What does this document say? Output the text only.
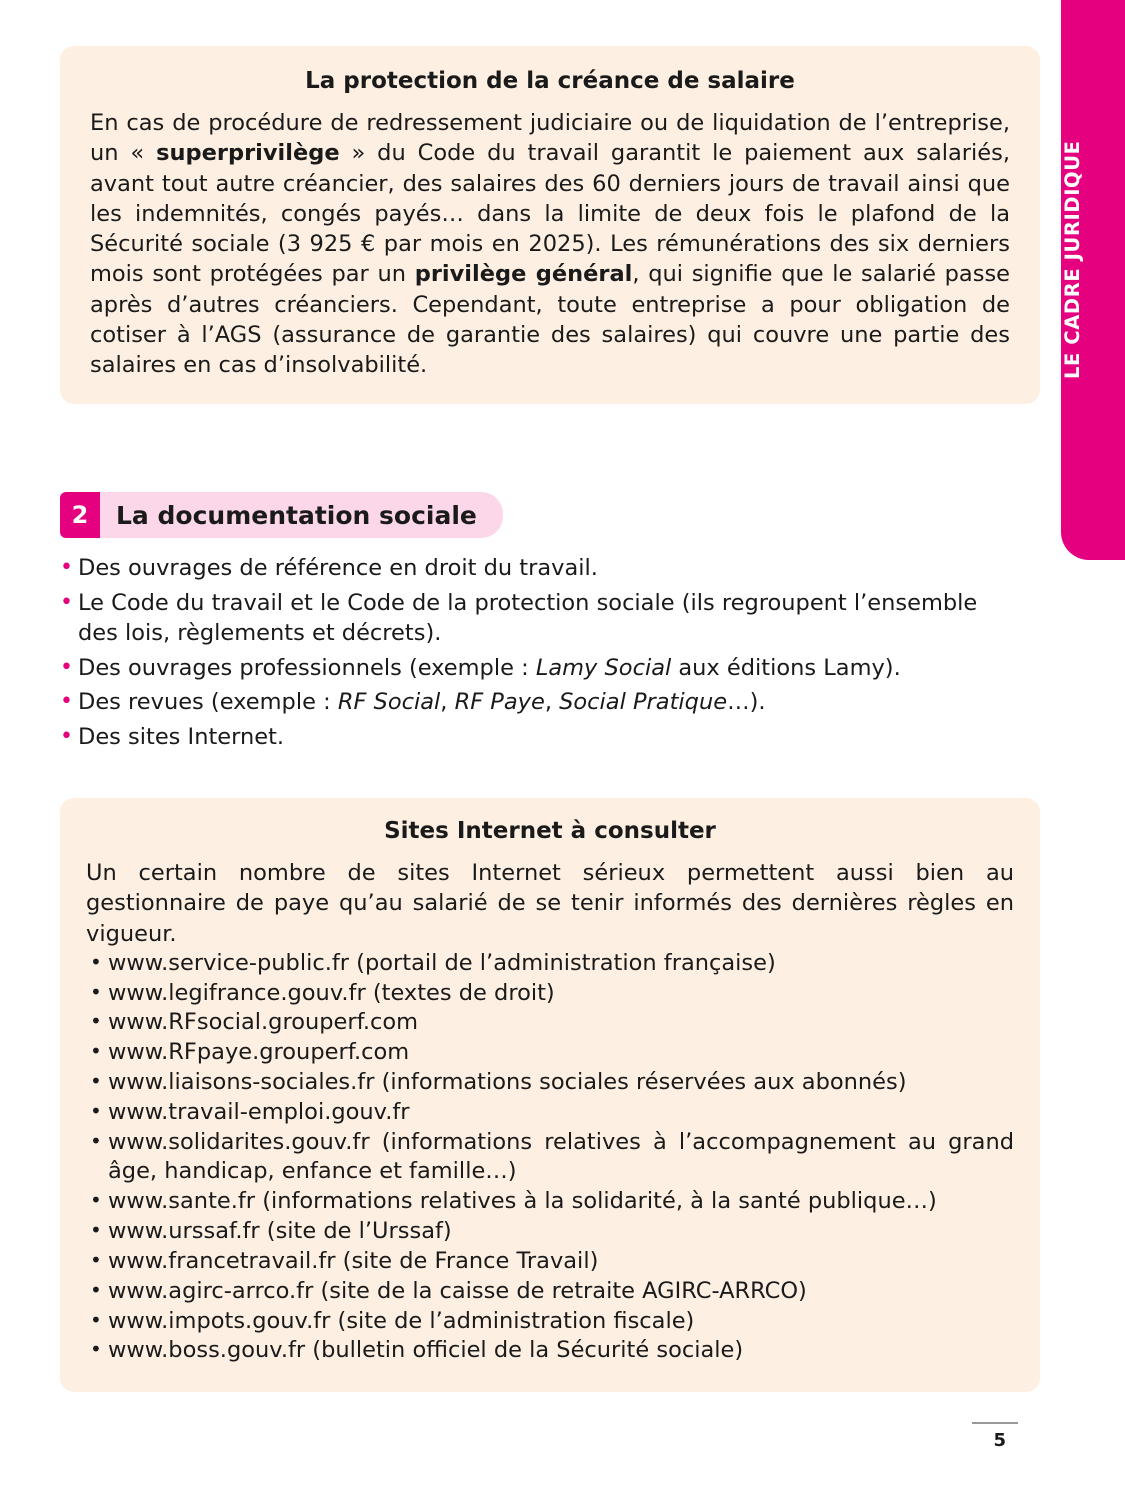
La protection de la créance de salaire

En cas de procédure de redressement judiciaire ou de liquidation de l’entreprise, un « superprivilège » du Code du travail garantit le paiement aux salariés, avant tout autre créancier, des salaires des 60 derniers jours de travail ainsi que les indemnités, congés payés… dans la limite de deux fois le plafond de la Sécurité sociale (3 925 € par mois en 2025). Les rémunérations des six derniers mois sont protégées par un privilège général, qui signifie que le salarié passe après d’autres créanciers. Cependant, toute entreprise a pour obligation de cotiser à l’AGS (assurance de garantie des salaires) qui couvre une partie des salaires en cas d’insolvabilité.

2	La documentation sociale
• Des ouvrages de référence en droit du travail.
• Le Code du travail et le Code de la protection sociale (ils regroupent l’ensemble des lois, règlements et décrets).
• Des ouvrages professionnels (exemple : Lamy Social aux éditions Lamy).
• Des revues (exemple : RF Social, RF Paye, Social Pratique…).
• Des sites Internet.
Sites Internet à consulter

Un certain nombre de sites Internet sérieux permettent aussi bien au gestionnaire de paye qu’au salarié de se tenir informés des dernières règles en vigueur.

• www.service-public.fr (portail de l’administration française)
• www.legifrance.gouv.fr (textes de droit)
• www.RFsocial.grouperf.com
• www.RFpaye.grouperf.com
• www.liaisons-sociales.fr (informations sociales réservées aux abonnés)
• www.travail-emploi.gouv.fr
• www.solidarites.gouv.fr (informations relatives à l’accompagnement au grand âge, handicap, enfance et famille…)
• www.sante.fr (informations relatives à la solidarité, à la santé publique…)
• www.urssaf.fr (site de l’Urssaf)
• www.francetravail.fr (site de France Travail)
• www.agirc-arrco.fr (site de la caisse de retraite AGIRC-ARRCO)
• www.impots.gouv.fr (site de l’administration fiscale)
• www.boss.gouv.fr (bulletin officiel de la Sécurité sociale)
5
LE CADRE JURIDIQUE
